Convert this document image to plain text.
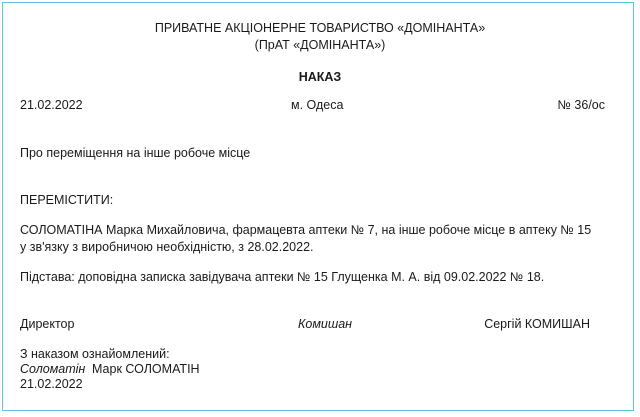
ПРИВАТНЕ АКЦІОНЕРНЕ ТОВАРИСТВО «ДОМІНАНТА»
(ПрАТ «ДОМІНАНТА»)
НАКАЗ
21.02.2022	м. Одеса	№ 36/ос
Про переміщення на інше робоче місце
ПЕРЕМІСТИТИ:
СОЛОМАТІНА Марка Михайловича, фармацевта аптеки № 7, на інше робоче місце в аптеку № 15
у зв'язку з виробничою необхідністю, з 28.02.2022.
Підстава: доповідна записка завідувача аптеки № 15 Глущенка М. А. від 09.02.2022 № 18.
Директор	Комишан	Сергій КОМИШАН
З наказом ознайомлений:
Соломатін Марк СОЛОМАТІН
21.02.2022
